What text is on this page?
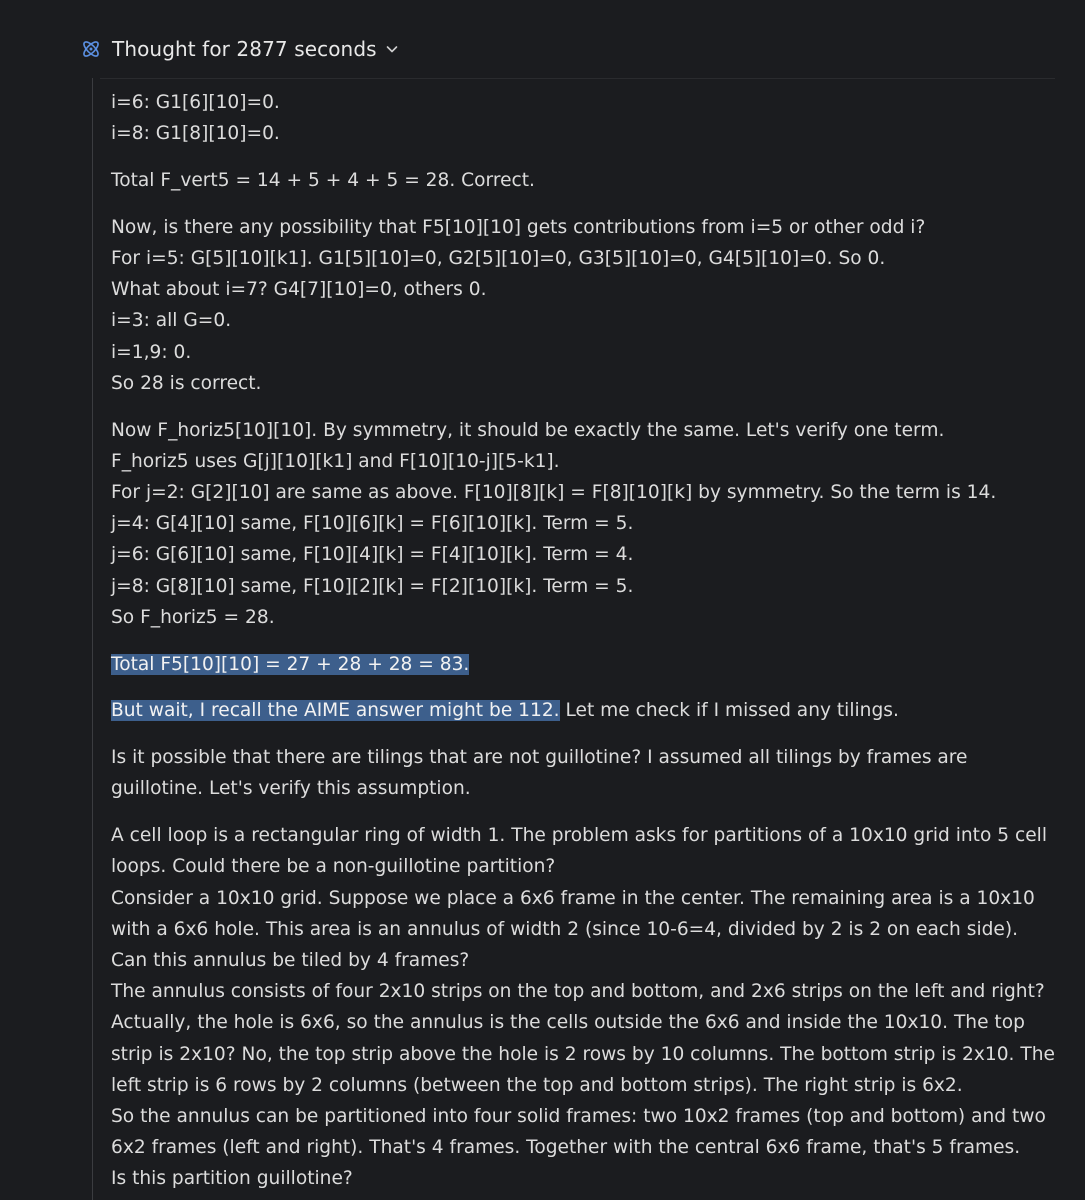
Thought for 2877 seconds

i=6: G1[6][10]=0.
i=8: G1[8][10]=0.

Total F_vert5 = 14 + 5 + 4 + 5 = 28. Correct.

Now, is there any possibility that F5[10][10] gets contributions from i=5 or other odd i?
For i=5: G[5][10][k1]. G1[5][10]=0, G2[5][10]=0, G3[5][10]=0, G4[5][10]=0. So 0.
What about i=7? G4[7][10]=0, others 0.
i=3: all G=0.
i=1,9: 0.
So 28 is correct.

Now F_horiz5[10][10]. By symmetry, it should be exactly the same. Let's verify one term.
F_horiz5 uses G[j][10][k1] and F[10][10-j][5-k1].
For j=2: G[2][10] are same as above. F[10][8][k] = F[8][10][k] by symmetry. So the term is 14.
j=4: G[4][10] same, F[10][6][k] = F[6][10][k]. Term = 5.
j=6: G[6][10] same, F[10][4][k] = F[4][10][k]. Term = 4.
j=8: G[8][10] same, F[10][2][k] = F[2][10][k]. Term = 5.
So F_horiz5 = 28.

Total F5[10][10] = 27 + 28 + 28 = 83.

But wait, I recall the AIME answer might be 112. Let me check if I missed any tilings.

Is it possible that there are tilings that are not guillotine? I assumed all tilings by frames are guillotine. Let's verify this assumption.

A cell loop is a rectangular ring of width 1. The problem asks for partitions of a 10x10 grid into 5 cell loops. Could there be a non-guillotine partition?
Consider a 10x10 grid. Suppose we place a 6x6 frame in the center. The remaining area is a 10x10 with a 6x6 hole. This area is an annulus of width 2 (since 10-6=4, divided by 2 is 2 on each side). Can this annulus be tiled by 4 frames?
The annulus consists of four 2x10 strips on the top and bottom, and 2x6 strips on the left and right? Actually, the hole is 6x6, so the annulus is the cells outside the 6x6 and inside the 10x10. The top strip is 2x10? No, the top strip above the hole is 2 rows by 10 columns. The bottom strip is 2x10. The left strip is 6 rows by 2 columns (between the top and bottom strips). The right strip is 6x2.
So the annulus can be partitioned into four solid frames: two 10x2 frames (top and bottom) and two 6x2 frames (left and right). That's 4 frames. Together with the central 6x6 frame, that's 5 frames.
Is this partition guillotine?
